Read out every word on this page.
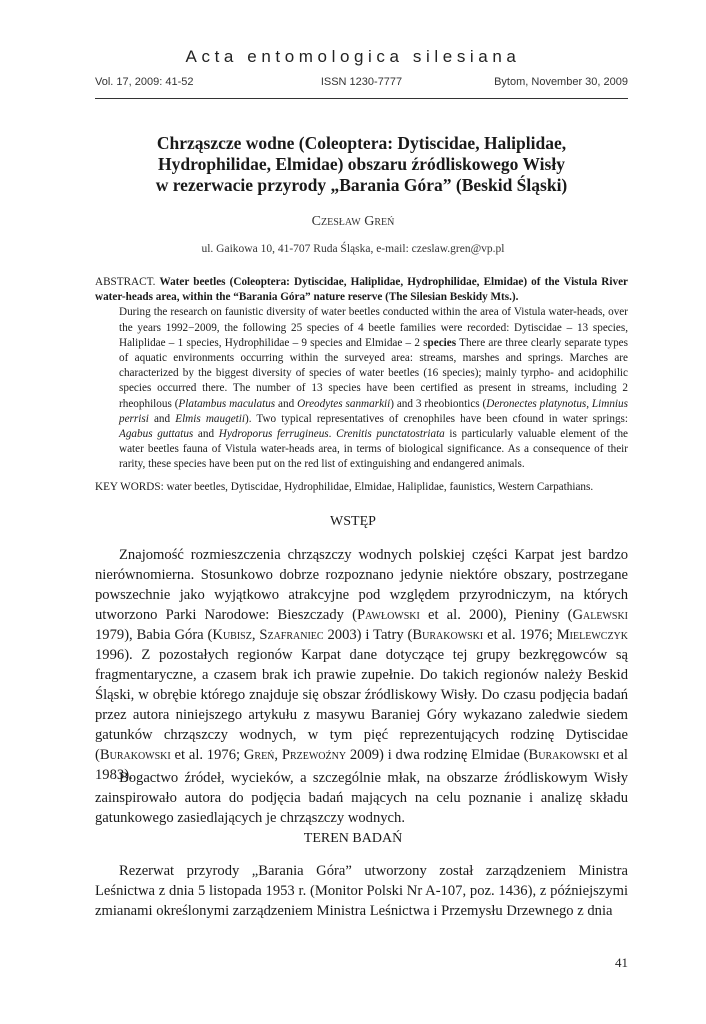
Acta entomologica silesiana
Vol. 17, 2009: 41-52	ISSN 1230-7777	Bytom, November 30, 2009
Chrząszcze wodne (Coleoptera: Dytiscidae, Haliplidae,
Hydrophilidae, Elmidae) obszaru źródliskowego Wisły
w rezerwacie przyrody „Barania Góra” (Beskid Śląski)
Czesław Greń
ul. Gaikowa 10, 41-707 Ruda Śląska, e-mail: czeslaw.gren@vp.pl
ABSTRACT. Water beetles (Coleoptera: Dytiscidae, Haliplidae, Hydrophilidae, Elmidae) of the Vistula River water-heads area, within the “Barania Góra” nature reserve (The Silesian Beskidy Mts.).
During the research on faunistic diversity of water beetles conducted within the area of Vistula water-heads, over the years 1992−2009, the following 25 species of 4 beetle families were recorded: Dytiscidae – 13 species, Haliplidae – 1 species, Hydrophilidae – 9 species and Elmidae – 2 species There are three clearly separate types of aquatic environments occurring within the surveyed area: streams, marshes and springs. Marches are characterized by the biggest diversity of species of water beetles (16 species); mainly tyrpho- and acidophilic species occurred there. The number of 13 species have been certified as present in streams, including 2 rheophilous (Platambus maculatus and Oreodytes sanmarkii) and 3 rheobiontics (Deronectes platynotus, Limnius perrisi and Elmis maugetii). Two typical representatives of crenophiles have been cfound in water springs: Agabus guttatus and Hydroporus ferrugineus. Crenitis punctatostriata is particularly valuable element of the water beetles fauna of Vistula water-heads area, in terms of biological significance. As a consequence of their rarity, these species have been put on the red list of extinguishing and endangered animals.
KEY WORDS: water beetles, Dytiscidae, Hydrophilidae, Elmidae, Haliplidae, faunistics, Western Carpathians.
WSTĘP
Znajomość rozmieszczenia chrząszczy wodnych polskiej części Karpat jest bardzo nierównomierna. Stosunkowo dobrze rozpoznano jedynie niektóre obszary, postrzegane powszechnie jako wyjątkowo atrakcyjne pod względem przyrodniczym, na których utworzono Parki Narodowe: Bieszczady (Pawłowski et al. 2000), Pieniny (Galewski 1979), Babia Góra (Kubisz, Szafraniec 2003) i Tatry (Burakowski et al. 1976; Mielewczyk 1996). Z pozostałych regionów Karpat dane dotyczące tej grupy bezkręgowców są fragmentaryczne, a czasem brak ich prawie zupełnie. Do takich regionów należy Beskid Śląski, w obrębie którego znajduje się obszar źródliskowy Wisły. Do czasu podjęcia badań przez autora niniejszego artykułu z masywu Baraniej Góry wykazano zaledwie siedem gatunków chrząszczy wodnych, w tym pięć reprezentujących rodzinę Dytiscidae (Burakowski et al. 1976; Greń, Przewoźny 2009) i dwa rodzinę Elmidae (Burakowski et al 1983).
Bogactwo źródeł, wycieków, a szczególnie młak, na obszarze źródliskowym Wisły zainspirowało autora do podjęcia badań mających na celu poznanie i analizę składu gatunkowego zasiedlających je chrząszczy wodnych.
TEREN BADAŃ
Rezerwat przyrody „Barania Góra” utworzony został zarządzeniem Ministra Leśnictwa z dnia 5 listopada 1953 r. (Monitor Polski Nr A-107, poz. 1436), z późniejszymi zmianami określonymi zarządzeniem Ministra Leśnictwa i Przemysłu Drzewnego z dnia
41
